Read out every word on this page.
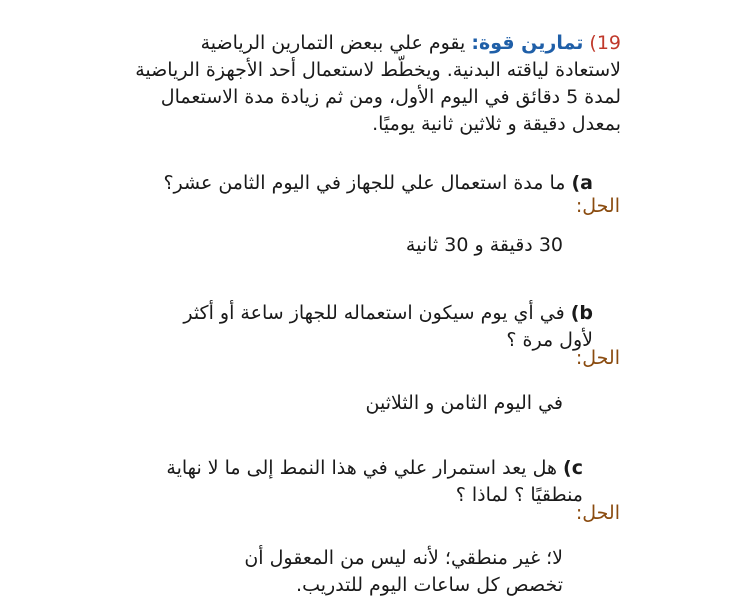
19) تمارين قوة: يقوم علي ببعض التمارين الرياضية لاستعادة لياقته البدنية. ويخطّط لاستعمال أحد الأجهزة الرياضية لمدة 5 دقائق في اليوم الأول، ومن ثم زيادة مدة الاستعمال بمعدل دقيقة و ثلاثين ثانية يوميًا.
a) ما مدة استعمال علي للجهاز في اليوم الثامن عشر؟
الحل:
30 دقيقة و 30 ثانية
b) في أي يوم سيكون استعماله للجهاز ساعة أو أكثر لأول مرة ؟
الحل:
في اليوم الثامن و الثلاثين
c) هل يعد استمرار علي في هذا النمط إلى ما لا نهاية منطقيًا ؟ لماذا ؟
الحل:
لا؛ غير منطقي؛ لأنه ليس من المعقول أن تخصص كل ساعات اليوم للتدريب.
